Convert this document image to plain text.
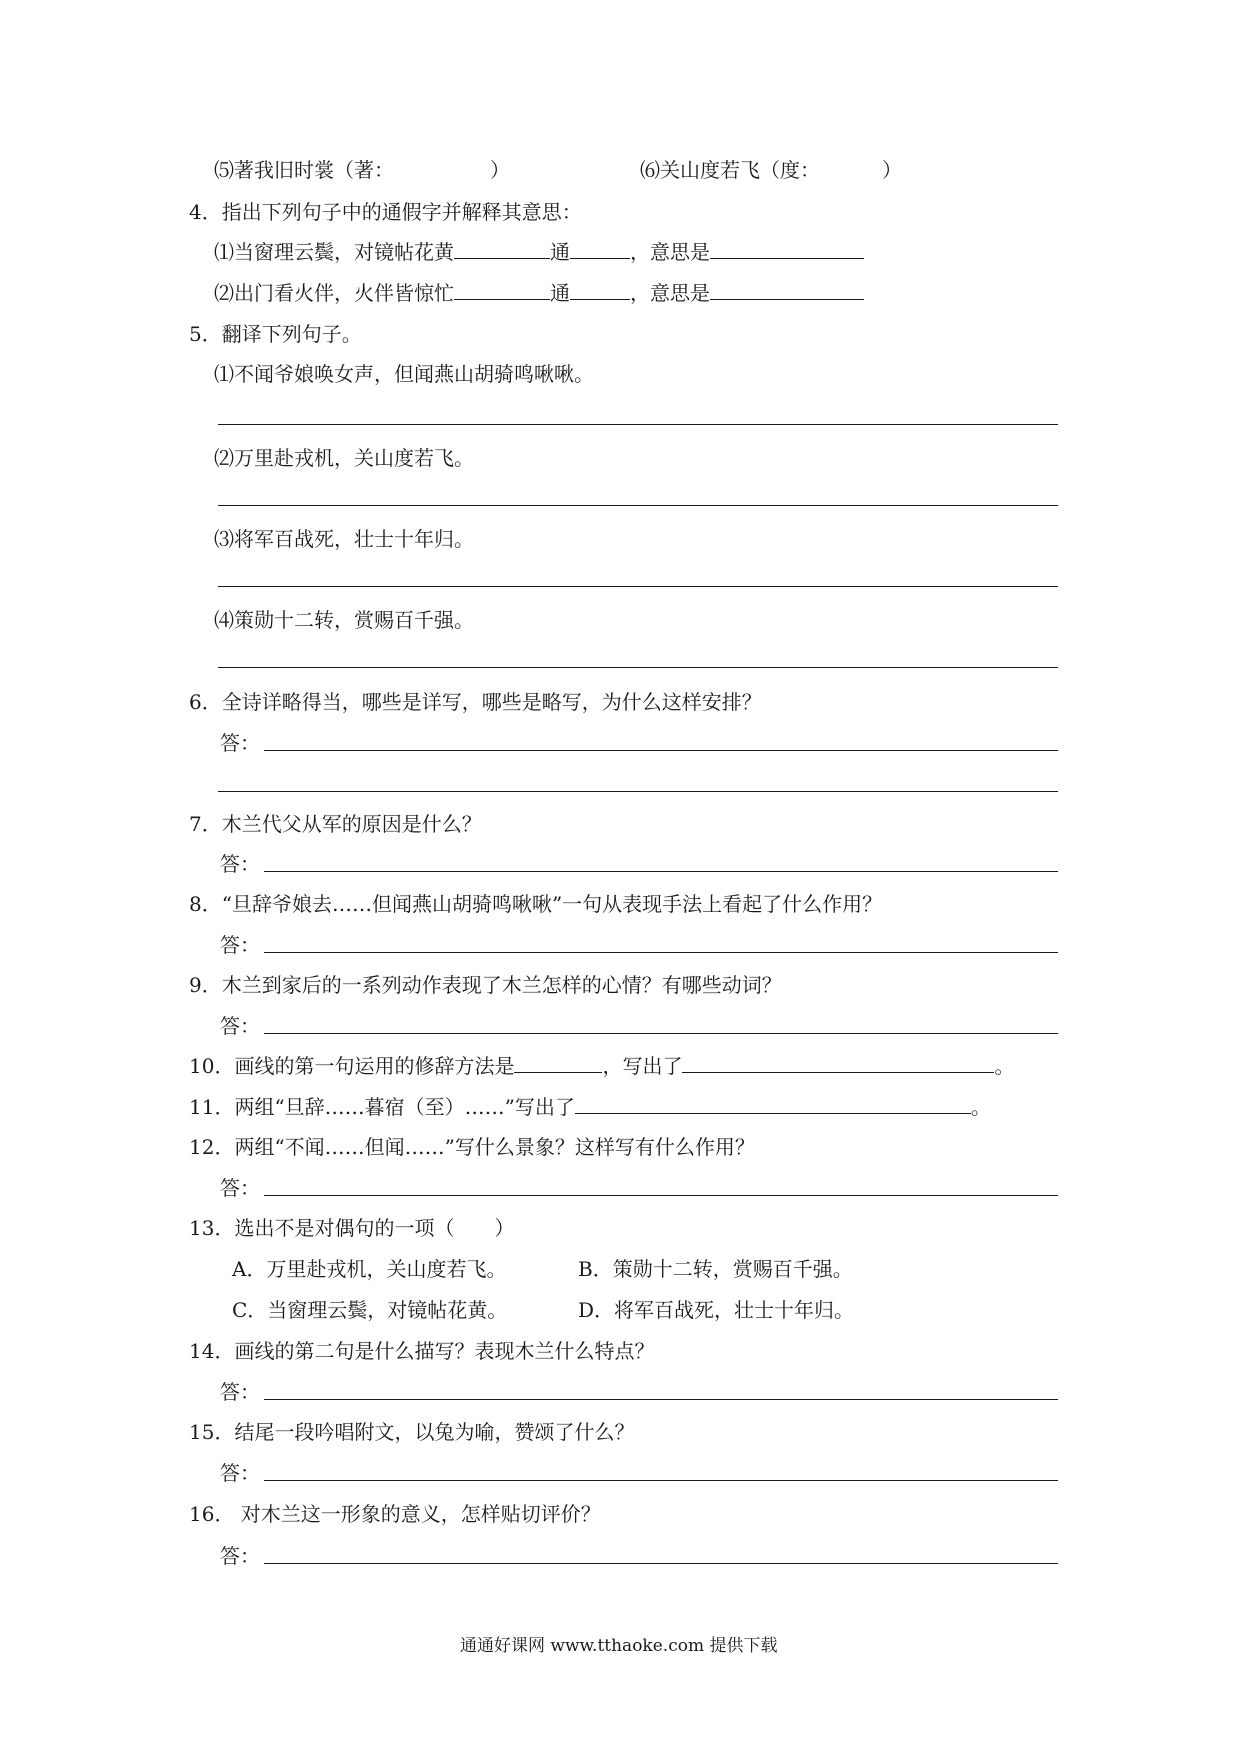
⑸著我旧时裳（著：	）	⑹关山度若飞（度：	）
4．指出下列句子中的通假字并解释其意思：
⑴当窗理云鬓，对镜帖花黄	通	，意思是
⑵出门看火伴，火伴皆惊忙	通	，意思是
5．翻译下列句子。
⑴不闻爷娘唤女声，但闻燕山胡骑鸣啾啾。
⑵万里赴戎机，关山度若飞。
⑶将军百战死，壮士十年归。
⑷策勋十二转，赏赐百千强。
6．全诗详略得当，哪些是详写，哪些是略写，为什么这样安排？
答：
7．木兰代父从军的原因是什么？
答：
8．“旦辞爷娘去……但闻燕山胡骑鸣啾啾”一句从表现手法上看起了什么作用？
答：
9．木兰到家后的一系列动作表现了木兰怎样的心情？有哪些动词？
答：
10．画线的第一句运用的修辞方法是	，写出了	。
11．两组“旦辞……暮宿（至）……”写出了	。
12．两组“不闻……但闻……”写什么景象？这样写有什么作用？
答：
13．选出不是对偶句的一项（　　）
A．万里赴戎机，关山度若飞。	B．策勋十二转，赏赐百千强。
C．当窗理云鬓，对镜帖花黄。	D．将军百战死，壮士十年归。
14．画线的第二句是什么描写？表现木兰什么特点？
答：
15．结尾一段吟唱附文，以兔为喻，赞颂了什么？
答：
16． 对木兰这一形象的意义，怎样贴切评价？
答：
通通好课网 www.tthaoke.com 提供下载
